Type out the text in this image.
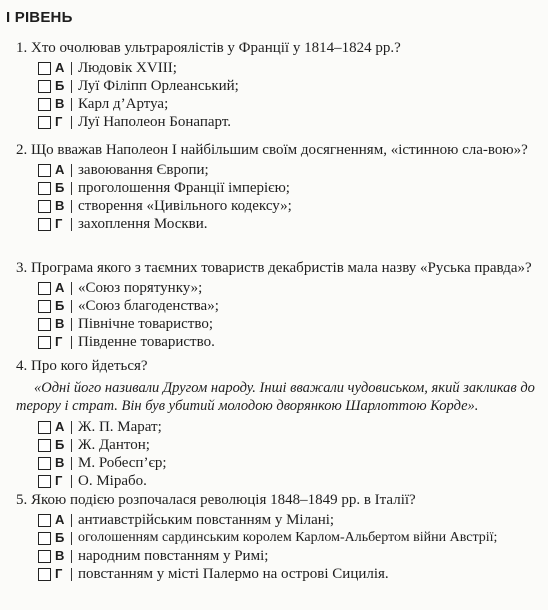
І РІВЕНЬ
1. Хто очолював ультрароялістів у Франції у 1814–1824 рр.?
А Людовік XVIII;
Б Луї Філіпп Орлеанський;
В Карл д’Артуа;
Г	Луї Наполеон Бонапарт.
2. Що вважав Наполеон I найбільшим своїм досягненням, «істинною сла-вою»?
А завоювання Європи;
Б проголошення Франції імперією;
В створення «Цивільного кодексу»;
Г	захоплення Москви.
3. Програма якого з таємних товариств декабристів мала назву «Руська правда»?
А «Союз порятунку»;
Б «Союз благоденства»;
В Північне товариство;
Г	Південне товариство.
4. Про кого йдеться?
«Одні його називали Другом народу. Інші вважали чудовиськом, який закликав до терору і страт. Він був убитий молодою дворянкою Шарлоттою Корде».
А Ж. П. Марат;
Б Ж. Дантон;
В М. Робесп’єр;
Г	О. Мірабо.
5. Якою подією розпочалася революція 1848–1849 рр. в Італії?
А антиавстрійським повстанням у Мілані;
Б оголошенням сардинським королем Карлом-Альбертом війни Австрії;
В народним повстанням у Римі;
Г	повстанням у місті Палермо на острові Сицилія.
